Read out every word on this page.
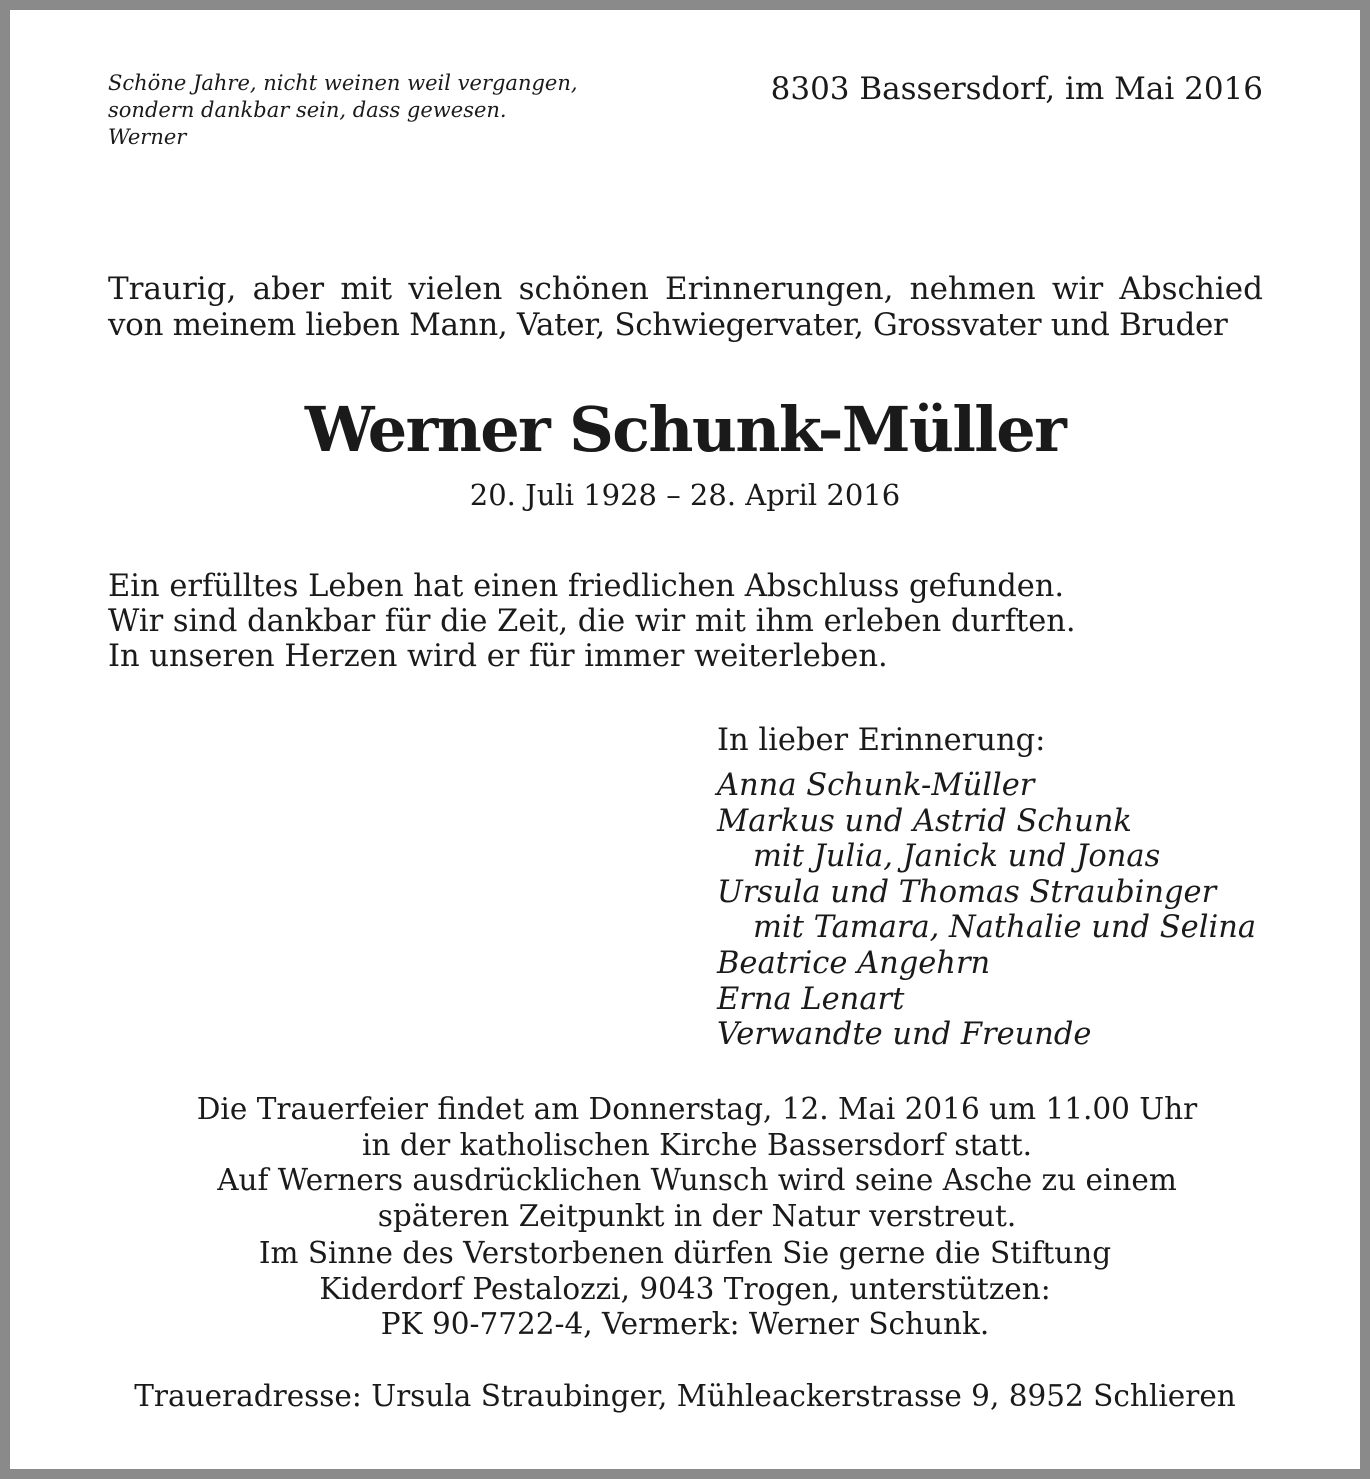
Schöne Jahre, nicht weinen weil vergangen,
sondern dankbar sein, dass gewesen.
Werner
8303 Bassersdorf, im Mai 2016
Traurig, aber mit vielen schönen Erinnerungen, nehmen wir Abschied
von meinem lieben Mann, Vater, Schwiegervater, Grossvater und Bruder
Werner Schunk-Müller
20. Juli 1928 – 28. April 2016
Ein erfülltes Leben hat einen friedlichen Abschluss gefunden.
Wir sind dankbar für die Zeit, die wir mit ihm erleben durften.
In unseren Herzen wird er für immer weiterleben.
In lieber Erinnerung:
Anna Schunk-Müller
Markus und Astrid Schunk
mit Julia, Janick und Jonas
Ursula und Thomas Straubinger
mit Tamara, Nathalie und Selina
Beatrice Angehrn
Erna Lenart
Verwandte und Freunde
Die Trauerfeier findet am Donnerstag, 12. Mai 2016 um 11.00 Uhr
in der katholischen Kirche Bassersdorf statt.
Auf Werners ausdrücklichen Wunsch wird seine Asche zu einem
späteren Zeitpunkt in der Natur verstreut.
Im Sinne des Verstorbenen dürfen Sie gerne die Stiftung
Kiderdorf Pestalozzi, 9043 Trogen, unterstützen:
PK 90-7722-4, Vermerk: Werner Schunk.
Traueradresse: Ursula Straubinger, Mühleackerstrasse 9, 8952 Schlieren
